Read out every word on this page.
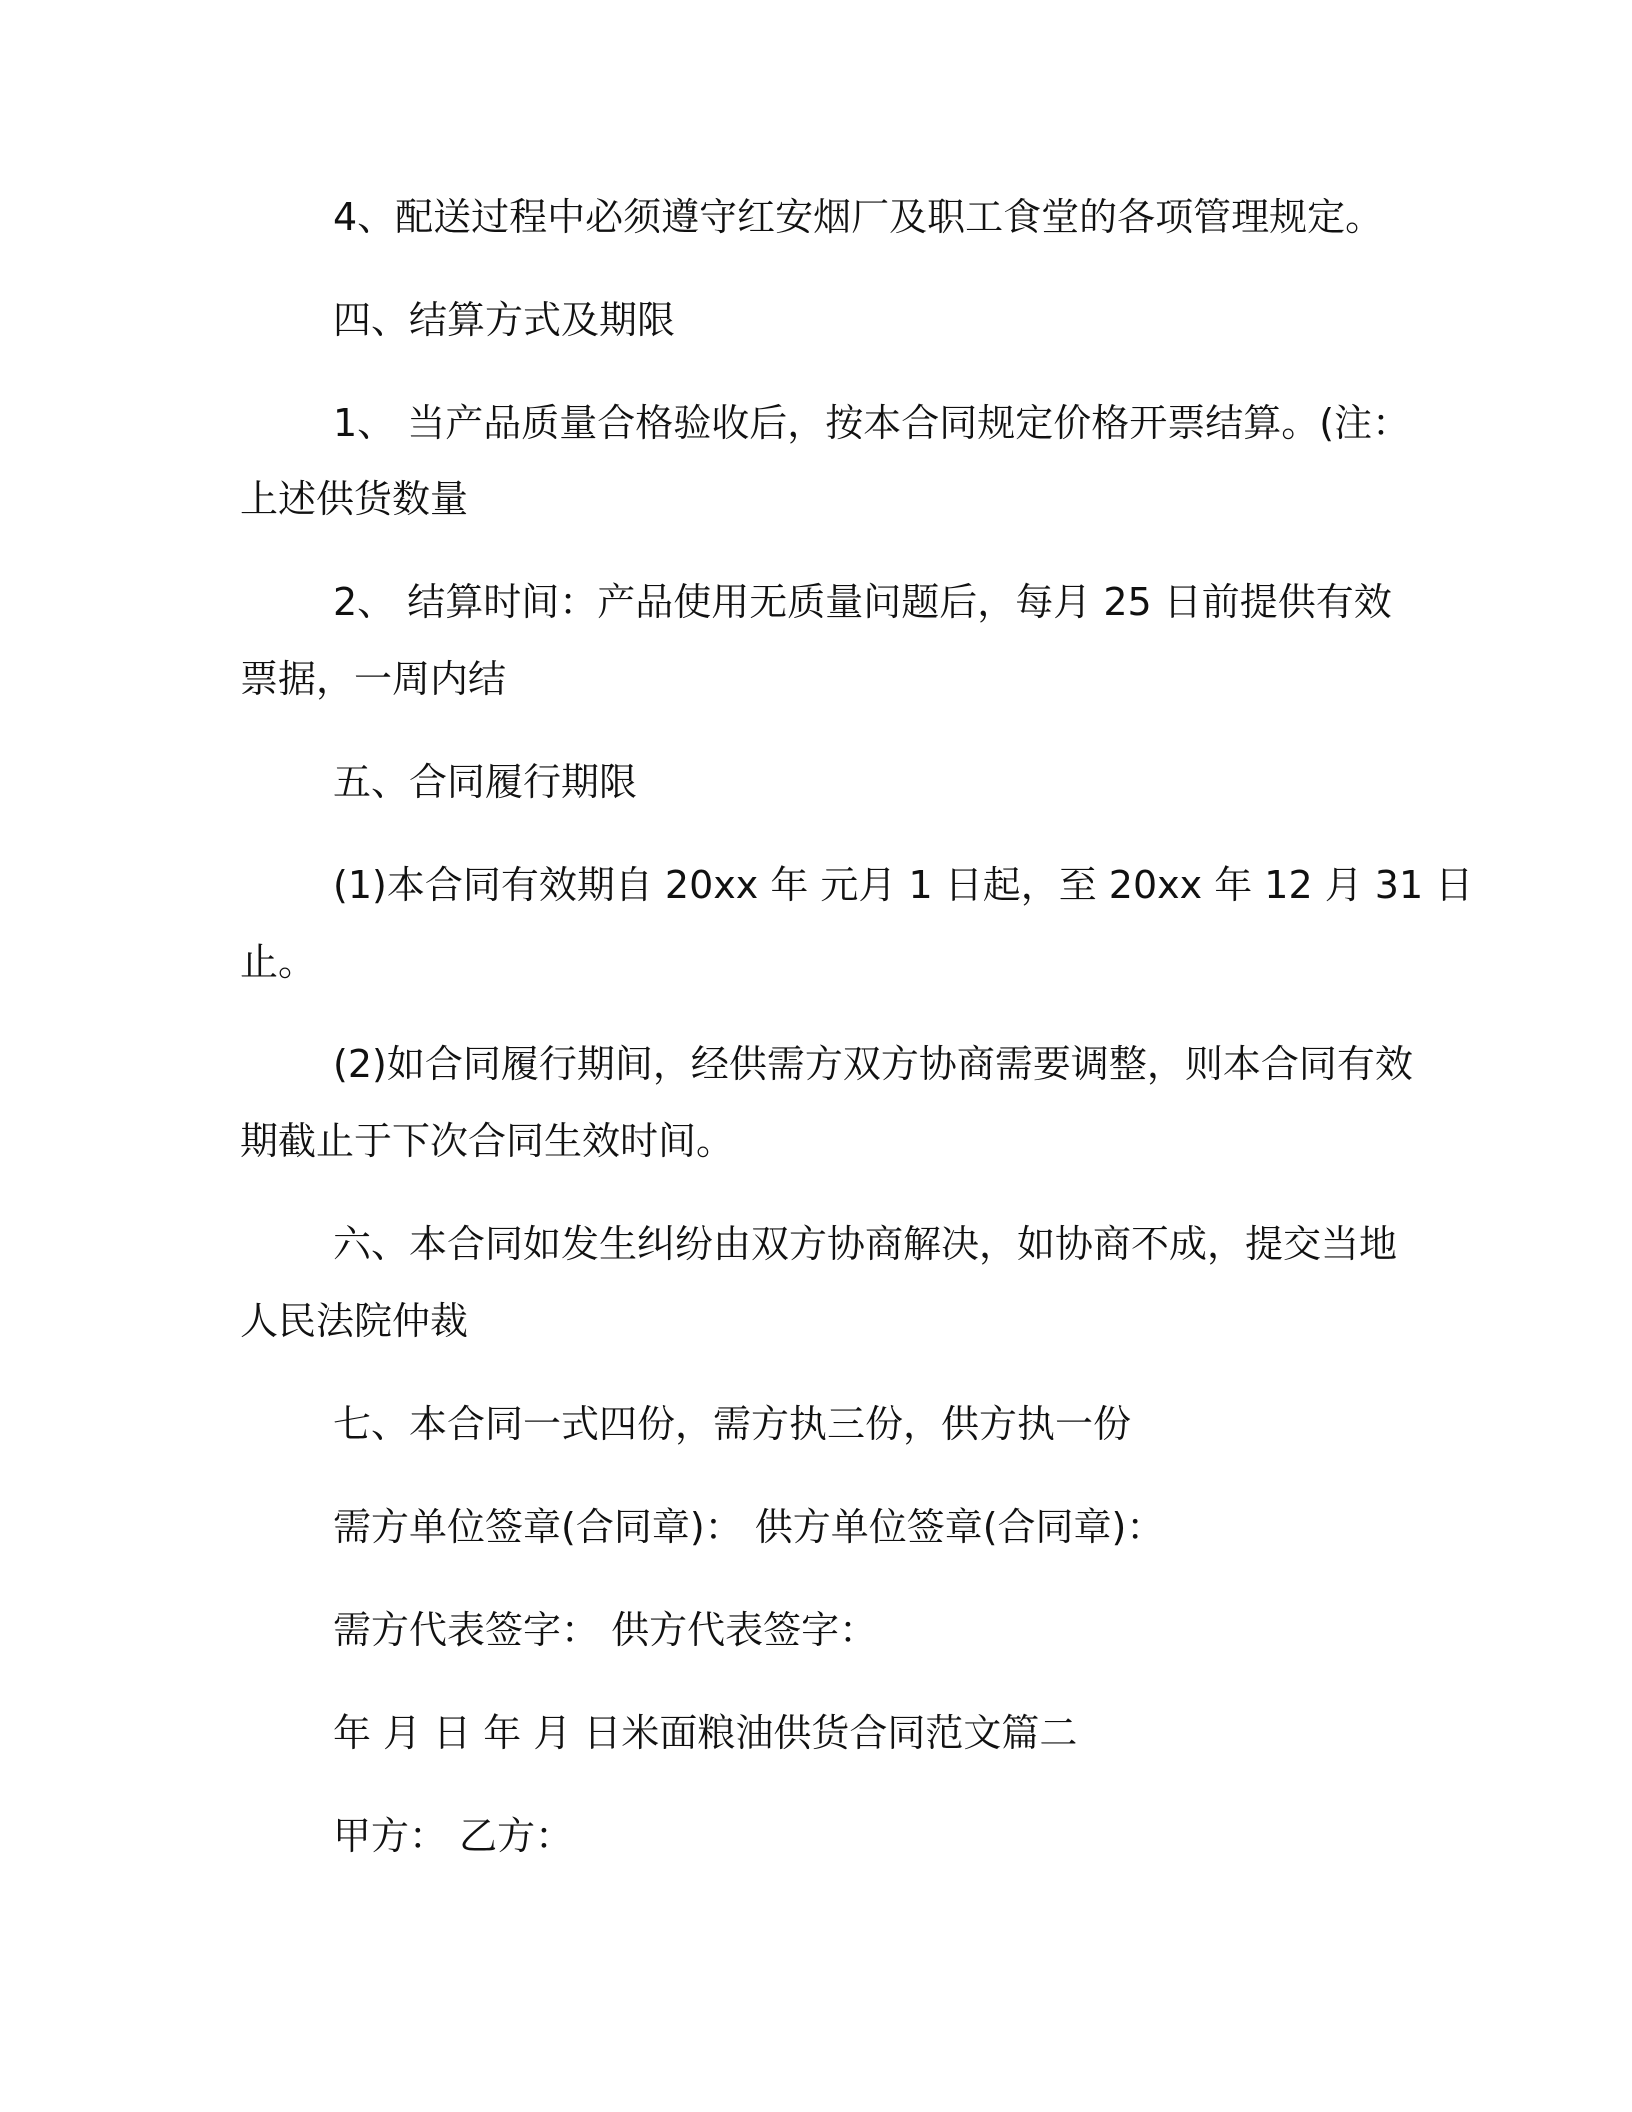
4、配送过程中必须遵守红安烟厂及职工食堂的各项管理规定。
四、结算方式及期限
1、 当产品质量合格验收后，按本合同规定价格开票结算。(注：
上述供货数量
2、 结算时间：产品使用无质量问题后，每月 25 日前提供有效
票据，一周内结
五、合同履行期限
(1)本合同有效期自 20xx 年 元月 1 日起，至 20xx 年 12 月 31 日
止。
(2)如合同履行期间，经供需方双方协商需要调整，则本合同有效
期截止于下次合同生效时间。
六、本合同如发生纠纷由双方协商解决，如协商不成，提交当地
人民法院仲裁
七、本合同一式四份，需方执三份，供方执一份
需方单位签章(合同章)： 供方单位签章(合同章)：
需方代表签字： 供方代表签字：
年 月 日 年 月 日米面粮油供货合同范文篇二
甲方： 乙方：
